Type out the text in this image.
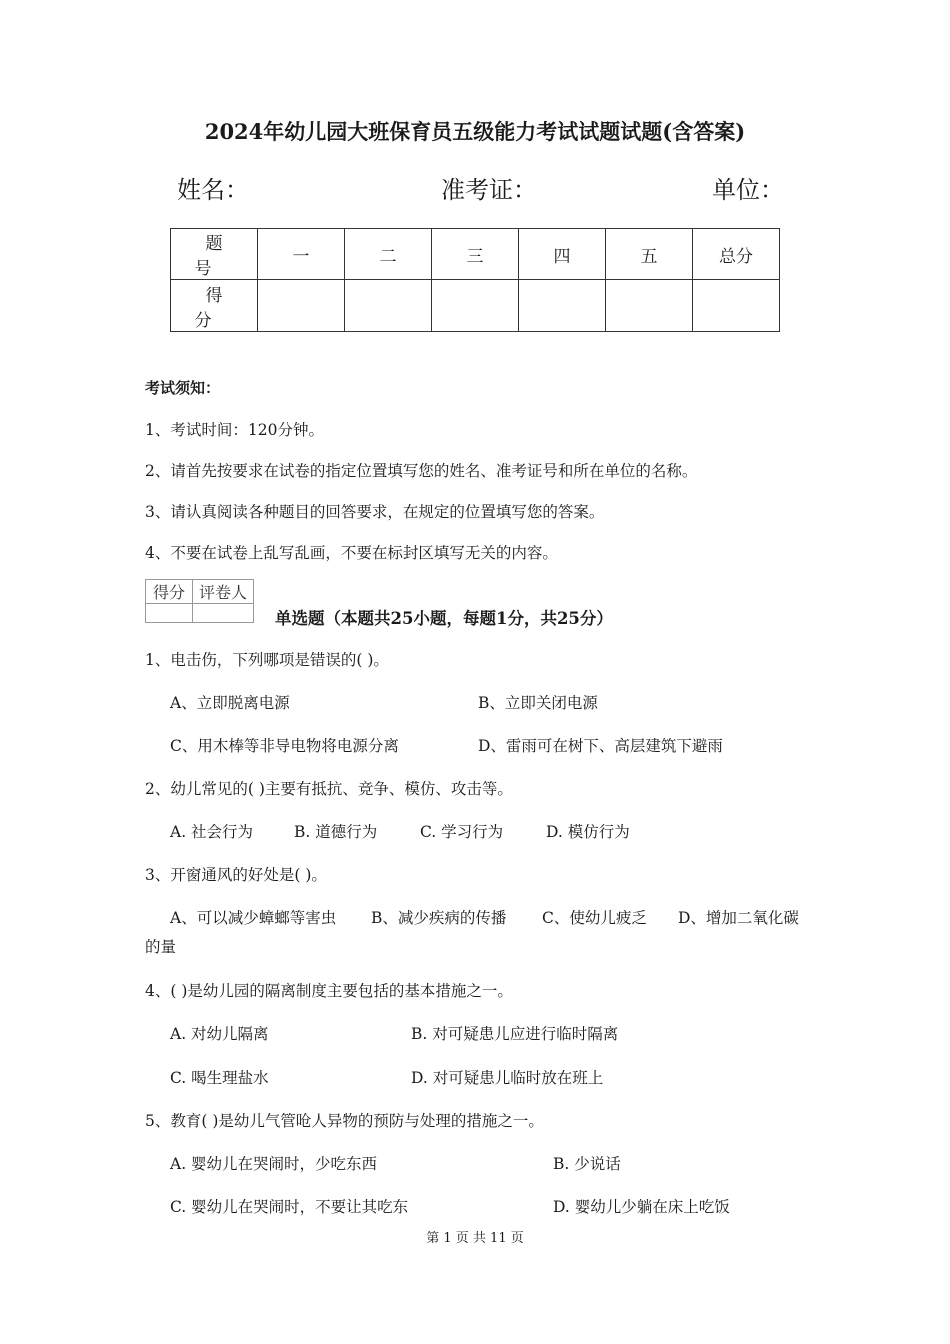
2024年幼儿园大班保育员五级能力考试试题试题(含答案)
姓名：	准考证：	单位：
题 号	一	二	三	四	五	总分
得 分						
考试须知：
1、考试时间：120分钟。
2、请首先按要求在试卷的指定位置填写您的姓名、准考证号和所在单位的名称。
3、请认真阅读各种题目的回答要求，在规定的位置填写您的答案。
4、不要在试卷上乱写乱画，不要在标封区填写无关的内容。
得分	评卷人

单选题（本题共25小题，每题1分，共25分）
1、电击伤，下列哪项是错误的( )。
A、立即脱离电源	B、立即关闭电源
C、用木棒等非导电物将电源分离	D、雷雨可在树下、高层建筑下避雨
2、幼儿常见的( )主要有抵抗、竞争、模仿、攻击等。
A. 社会行为	B. 道德行为	C. 学习行为	D. 模仿行为
3、开窗通风的好处是( )。
A、可以减少蟑螂等害虫 B、减少疾病的传播 C、使幼儿疲乏 D、增加二氧化碳
的量
4、( )是幼儿园的隔离制度主要包括的基本措施之一。
A. 对幼儿隔离	B. 对可疑患儿应进行临时隔离
C. 喝生理盐水	D. 对可疑患儿临时放在班上
5、教育( )是幼儿气管呛人异物的预防与处理的措施之一。
A. 婴幼儿在哭闹时，少吃东西	B. 少说话
C. 婴幼儿在哭闹时，不要让其吃东	D. 婴幼儿少躺在床上吃饭
第 1 页 共 11 页
